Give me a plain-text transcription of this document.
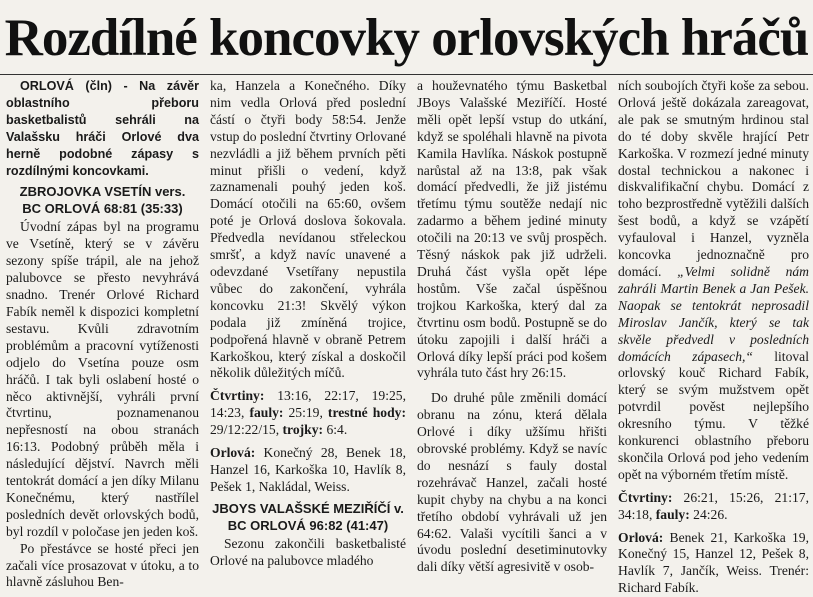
Rozdílné koncovky orlovských hráčů

ORLOVÁ (čln) - Na závěr oblastního přeboru basketbalistů sehráli na Valašsku hráči Orlové dva herně podobné zápasy s rozdílnými koncovkami.

ZBROJOVKA VSETÍN vers.
BC ORLOVÁ 68:81 (35:33)

Úvodní zápas byl na programu ve Vsetíně, který se v závěru sezony spíše trápil, ale na jehož palubovce se přesto nevyhrává snadno. Trenér Orlové Richard Fabík neměl k dispozici kompletní sestavu. Kvůli zdravotním problémům a pracovní vytíženosti odjelo do Vsetína pouze osm hráčů. I tak byli oslabení hosté o něco aktivnější, vyhráli první čtvrtinu, poznamenanou nepřesností na obou stranách 16:13. Podobný průběh měla i následující dějství. Navrch měli tentokrát domácí a jen díky Milanu Konečnému, který nastřílel posledních devět orlovských bodů, byl rozdíl v poločase jen jeden koš.

Po přestávce se hosté přeci jen začali více prosazovat v útoku, a to hlavně zásluhou Ben-

ka, Hanzela a Konečného. Díky nim vedla Orlová před poslední částí o čtyři body 58:54. Jenže vstup do poslední čtvrtiny Orlované nezvládli a již během prvních pěti minut přišli o vedení, když zaznamenali pouhý jeden koš. Domácí otočili na 65:60, ovšem poté je Orlová doslova šokovala. Předvedla nevídanou střeleckou smršť, a když navíc unavené a odevzdané Vsetířany nepustila vůbec do zakončení, vyhrála koncovku 21:3! Skvělý výkon podala již zmíněná trojice, podpořená hlavně v obraně Petrem Karkoškou, který získal a doskočil několik důležitých míčů.

Čtvrtiny: 13:16, 22:17, 19:25, 14:23, fauly: 25:19, trestné hody: 29/12:22/15, trojky: 6:4.

Orlová: Konečný 28, Benek 18, Hanzel 16, Karkoška 10, Havlík 8, Pešek 1, Nakládal, Weiss.

JBOYS VALAŠSKÉ MEZIŘÍČÍ v.
BC ORLOVÁ 96:82 (41:47)

Sezonu zakončili basketbalisté Orlové na palubovce mladého

a houževnatého týmu Basketbal JBoys Valašské Meziříčí. Hosté měli opět lepší vstup do utkání, když se spoléhali hlavně na pivota Kamila Havlíka. Náskok postupně narůstal až na 13:8, pak však domácí předvedli, že již jistému třetímu týmu soutěže nedají nic zadarmo a během jediné minuty otočili na 20:13 ve svůj prospěch. Těsný náskok pak již udrželi. Druhá část vyšla opět lépe hostům. Vše začal úspěšnou trojkou Karkoška, který dal za čtvrtinu osm bodů. Postupně se do útoku zapojili i další hráči a Orlová díky lepší práci pod košem vyhrála tuto část hry 26:15.

Do druhé půle změnili domácí obranu na zónu, která dělala Orlové i díky užšímu hřišti obrovské problémy. Když se navíc do nesnází s fauly dostal rozehrávač Hanzel, začali hosté kupit chyby na chybu a na konci třetího období vyhrávali už jen 64:62. Valaši vycítili šanci a v úvodu poslední desetiminutovky dali díky větší agresivitě v osob-

ních soubojích čtyři koše za sebou. Orlová ještě dokázala zareagovat, ale pak se smutným hrdinou stal do té doby skvěle hrající Petr Karkoška. V rozmezí jedné minuty dostal technickou a nakonec i diskvalifikační chybu. Domácí z toho bezprostředně vytěžili dalších šest bodů, a když se vzápětí vyfauloval i Hanzel, vyzněla koncovka jednoznačně pro domácí. „Velmi solidně nám zahráli Martin Benek a Jan Pešek. Naopak se tentokrát neprosadil Miroslav Jančík, který se tak skvěle předvedl v posledních domácích zápasech,“ litoval orlovský kouč Richard Fabík, který se svým mužstvem opět potvrdil pověst nejlepšího okresního týmu. V těžké konkurenci oblastního přeboru skončila Orlová pod jeho vedením opět na výborném třetím místě.

Čtvrtiny: 26:21, 15:26, 21:17, 34:18, fauly: 24:26.

Orlová: Benek 21, Karkoška 19, Konečný 15, Hanzel 12, Pešek 8, Havlík 7, Jančík, Weiss. Trenér: Richard Fabík.
